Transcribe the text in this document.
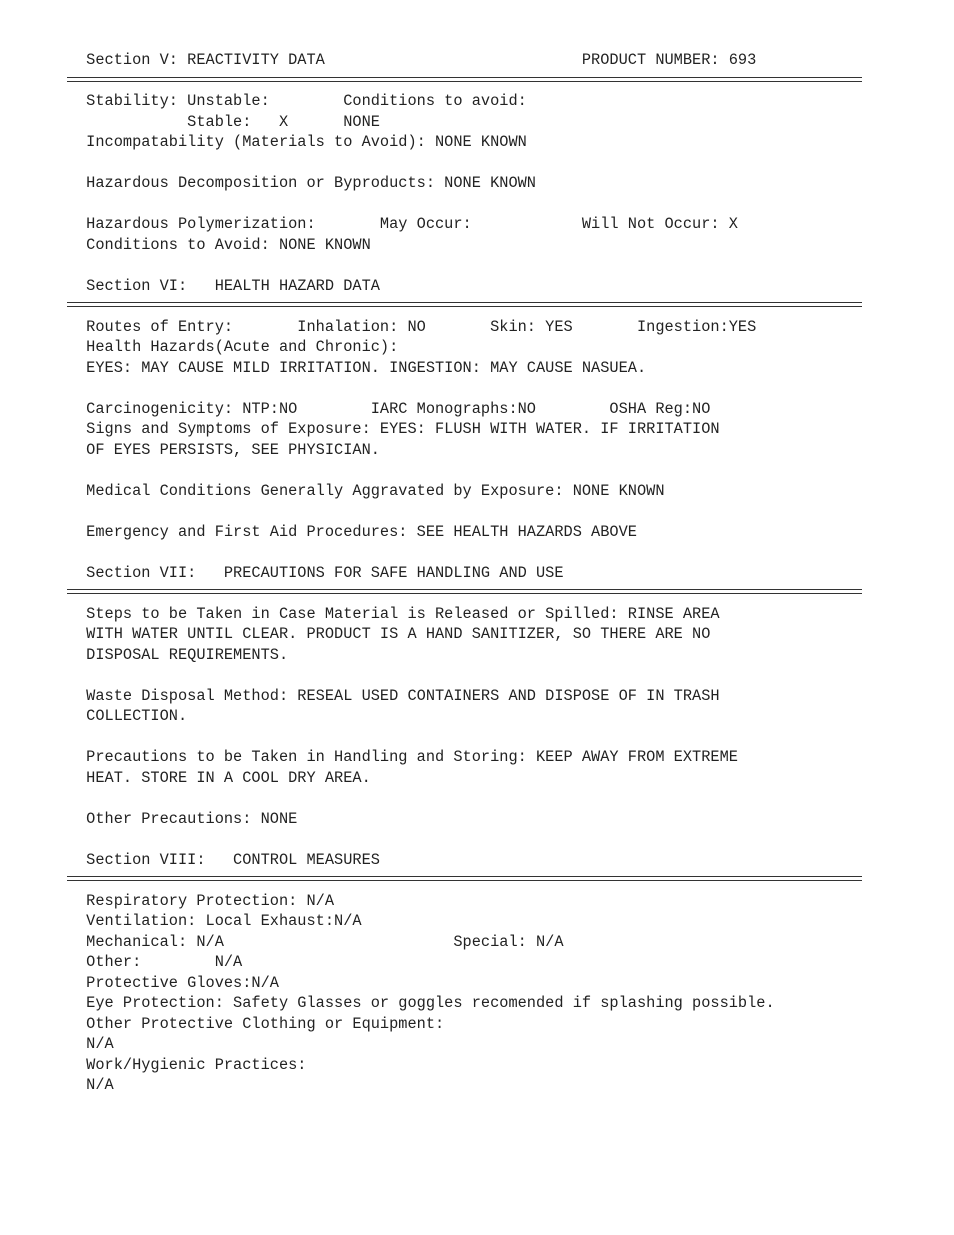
Section V: REACTIVITY DATA                            PRODUCT NUMBER: 693
Stability: Unstable:        Conditions to avoid:
Stable:   X      NONE
Incompatability (Materials to Avoid): NONE KNOWN
Hazardous Decomposition or Byproducts: NONE KNOWN
Hazardous Polymerization:       May Occur:            Will Not Occur: X
Conditions to Avoid: NONE KNOWN
Section VI:   HEALTH HAZARD DATA
Routes of Entry:       Inhalation: NO       Skin: YES       Ingestion:YES
Health Hazards(Acute and Chronic):
EYES: MAY CAUSE MILD IRRITATION. INGESTION: MAY CAUSE NASUEA.
Carcinogenicity: NTP:NO        IARC Monographs:NO        OSHA Reg:NO
Signs and Symptoms of Exposure: EYES: FLUSH WITH WATER. IF IRRITATION
OF EYES PERSISTS, SEE PHYSICIAN.
Medical Conditions Generally Aggravated by Exposure: NONE KNOWN
Emergency and First Aid Procedures: SEE HEALTH HAZARDS ABOVE
Section VII:   PRECAUTIONS FOR SAFE HANDLING AND USE
Steps to be Taken in Case Material is Released or Spilled: RINSE AREA
WITH WATER UNTIL CLEAR. PRODUCT IS A HAND SANITIZER, SO THERE ARE NO
DISPOSAL REQUIREMENTS.
Waste Disposal Method: RESEAL USED CONTAINERS AND DISPOSE OF IN TRASH
COLLECTION.
Precautions to be Taken in Handling and Storing: KEEP AWAY FROM EXTREME
HEAT. STORE IN A COOL DRY AREA.
Other Precautions: NONE
Section VIII:   CONTROL MEASURES
Respiratory Protection: N/A
Ventilation: Local Exhaust:N/A
Mechanical: N/A                         Special: N/A
Other:        N/A
Protective Gloves:N/A
Eye Protection: Safety Glasses or goggles recomended if splashing possible.
Other Protective Clothing or Equipment:
N/A
Work/Hygienic Practices:
N/A
